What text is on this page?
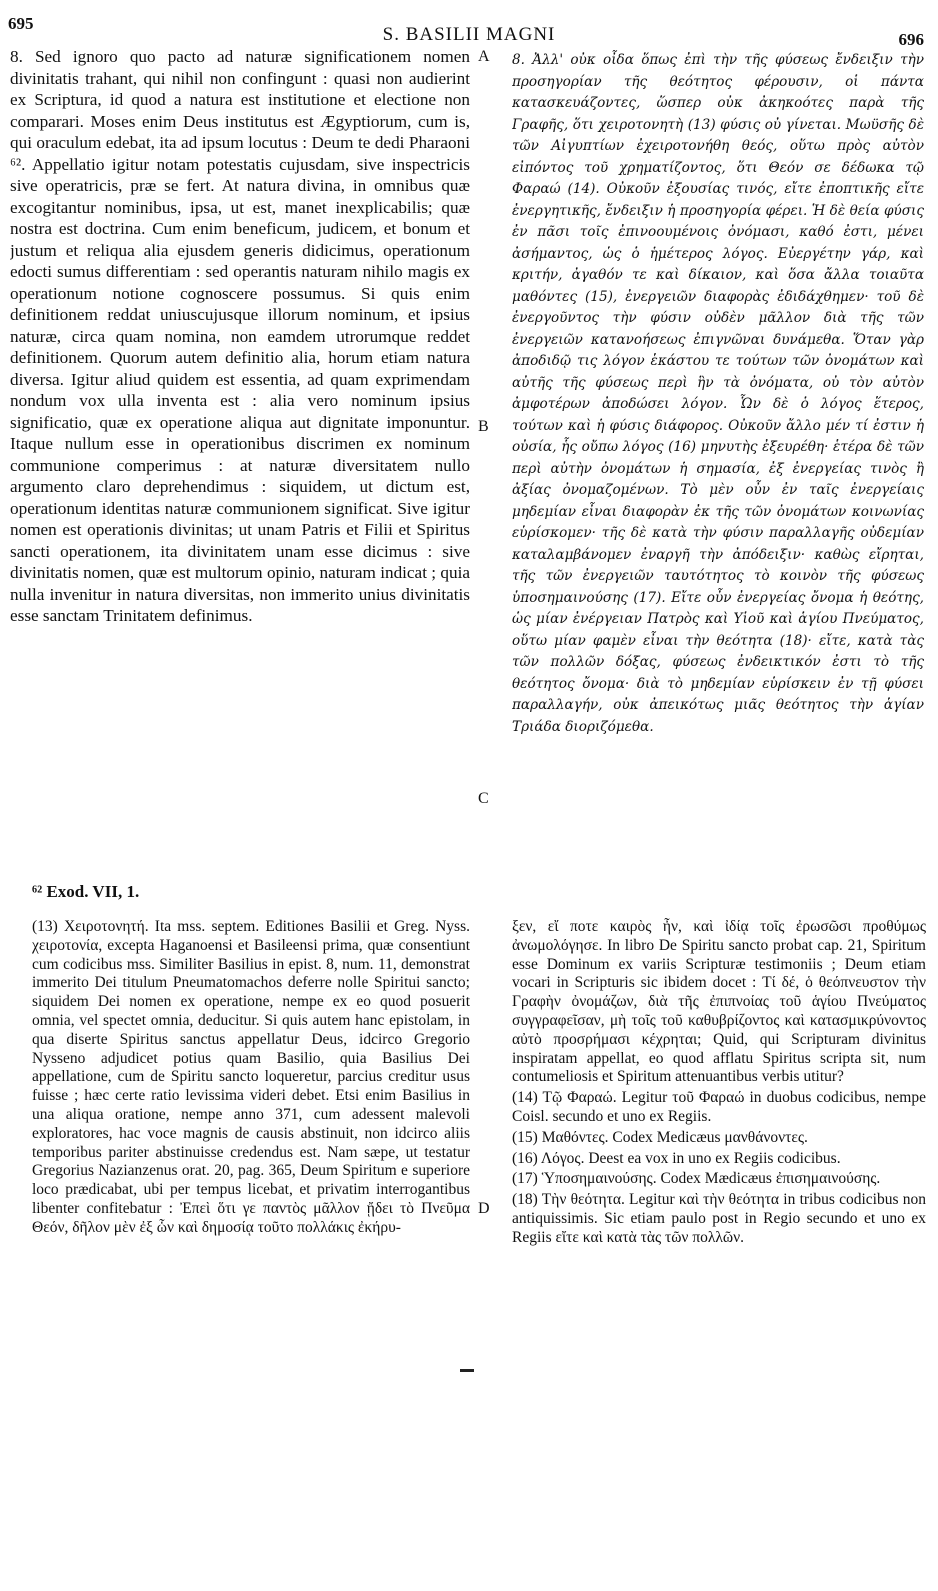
695
S. BASILII MAGNI	696

8. Sed ignoro quo pacto ad naturæ significationem nomen divinitatis trahant, qui nihil non confingunt : quasi non audierint ex Scriptura, id quod a natura est institutione et electione non comparari. Moses enim Deus institutus est Ægyptiorum, cum is, qui oraculum edebat, ita ad ipsum locutus : Deum te dedi Pharaoni ⁶². Appellatio igitur notam potestatis cujusdam, sive inspectricis sive operatricis, præ se fert. At natura divina, in omnibus quæ excogitantur nominibus, ipsa, ut est, manet inexplicabilis; quæ nostra est doctrina. Cum enim beneficum, judicem, et bonum et justum et reliqua alia ejusdem generis didicimus, operationum edocti sumus differentiam : sed operantis naturam nihilo magis ex operationum notione cognoscere possumus. Si quis enim definitionem reddat uniuscujusque illorum nominum, et ipsius naturæ, circa quam nomina, non eamdem utrorumque reddet definitionem. Quorum autem definitio alia, horum etiam natura diversa. Igitur aliud quidem est essentia, ad quam exprimendam nondum vox ulla inventa est : alia vero nominum ipsius significatio, quæ ex operatione aliqua aut dignitate imponuntur. Itaque nullum esse in operationibus discrimen ex nominum communione comperimus : at naturæ diversitatem nullo argumento claro deprehendimus : siquidem, ut dictum est, operationum identitas naturæ communionem significat. Sive igitur nomen est operationis divinitas; ut unam Patris et Filii et Spiritus sancti operationem, ita divinitatem unam esse dicimus : sive divinitatis nomen, quæ est multorum opinio, naturam indicat ; quia nulla invenitur in natura diversitas, non immerito unius divinitatis esse sanctam Trinitatem definimus.

A
B
C
D

8. Ἀλλ' οὐκ οἶδα ὅπως ἐπὶ τὴν τῆς φύσεως ἔνδειξιν τὴν προσηγορίαν τῆς θεότητος φέρουσιν, οἱ πάντα κατασκευάζοντες, ὥσπερ οὐκ ἀκηκοότες παρὰ τῆς Γραφῆς, ὅτι χειροτονητὴ (13) φύσις οὐ γίνεται. Μωϋσῆς δὲ τῶν Αἰγυπτίων ἐχειροτονήθη θεός, οὕτω πρὸς αὐτὸν εἰπόντος τοῦ χρηματίζοντος, ὅτι Θεόν σε δέδωκα τῷ Φαραώ (14). Οὐκοῦν ἐξουσίας τινός, εἴτε ἐποπτικῆς εἴτε ἐνεργητικῆς, ἔνδειξιν ἡ προσηγορία φέρει. Ἡ δὲ θεία φύσις ἐν πᾶσι τοῖς ἐπινοουμένοις ὀνόμασι, καθό ἐστι, μένει ἀσήμαντος, ὡς ὁ ἡμέτερος λόγος. Εὐεργέτην γάρ, καὶ κριτήν, ἀγαθόν τε καὶ δίκαιον, καὶ ὅσα ἄλλα τοιαῦτα μαθόντες (15), ἐνεργειῶν διαφορὰς ἐδιδάχθημεν· τοῦ δὲ ἐνεργοῦντος τὴν φύσιν οὐδὲν μᾶλλον διὰ τῆς τῶν ἐνεργειῶν κατανοήσεως ἐπιγνῶναι δυνάμεθα. Ὅταν γὰρ ἀποδιδῷ τις λόγον ἑκάστου τε τούτων τῶν ὀνομάτων καὶ αὐτῆς τῆς φύσεως περὶ ἣν τὰ ὀνόματα, οὐ τὸν αὐτὸν ἀμφοτέρων ἀποδώσει λόγον. Ὧν δὲ ὁ λόγος ἕτερος, τούτων καὶ ἡ φύσις διάφορος. Οὐκοῦν ἄλλο μέν τί ἐστιν ἡ οὐσία, ἧς οὔπω λόγος (16) μηνυτὴς ἐξευρέθη· ἑτέρα δὲ τῶν περὶ αὐτὴν ὀνομάτων ἡ σημασία, ἐξ ἐνεργείας τινὸς ἢ ἀξίας ὀνομαζομένων. Τὸ μὲν οὖν ἐν ταῖς ἐνεργείαις μηδεμίαν εἶναι διαφορὰν ἐκ τῆς τῶν ὀνομάτων κοινωνίας εὑρίσκομεν· τῆς δὲ κατὰ τὴν φύσιν παραλλαγῆς οὐδεμίαν καταλαμβάνομεν ἐναργῆ τὴν ἀπόδειξιν· καθὼς εἴρηται, τῆς τῶν ἐνεργειῶν ταυτότητος τὸ κοινὸν τῆς φύσεως ὑποσημαινούσης (17). Εἴτε οὖν ἐνεργείας ὄνομα ἡ θεότης, ὡς μίαν ἐνέργειαν Πατρὸς καὶ Υἱοῦ καὶ ἁγίου Πνεύματος, οὕτω μίαν φαμὲν εἶναι τὴν θεότητα (18)· εἴτε, κατὰ τὰς τῶν πολλῶν δόξας, φύσεως ἐνδεικτικόν ἐστι τὸ τῆς θεότητος ὄνομα· διὰ τὸ μηδεμίαν εὑρίσκειν ἐν τῇ φύσει παραλλαγήν, οὐκ ἀπεικότως μιᾶς θεότητος τὴν ἁγίαν Τριάδα διοριζόμεθα.

⁶² Exod. VII, 1.

(13) Χειροτονητή. Ita mss. septem. Editiones Basilii et Greg. Nyss. χειροτονία, excepta Haganoensi et Basileensi prima, quæ consentiunt cum codicibus mss. Similiter Basilius in epist. 8, num. 11, demonstrat immerito Dei titulum Pneumatomachos deferre nolle Spiritui sancto; siquidem Dei nomen ex operatione, nempe ex eo quod posuerit omnia, vel spectet omnia, deducitur. Si quis autem hanc epistolam, in qua diserte Spiritus sanctus appellatur Deus, idcirco Gregorio Nysseno adjudicet potius quam Basilio, quia Basilius Dei appellatione, cum de Spiritu sancto loqueretur, parcius creditur usus fuisse ; hæc certe ratio levissima videri debet. Etsi enim Basilius in una aliqua oratione, nempe anno 371, cum adessent malevoli exploratores, hac voce magnis de causis abstinuit, non idcirco aliis temporibus pariter abstinuisse credendus est. Nam sæpe, ut testatur Gregorius Nazianzenus orat. 20, pag. 365, Deum Spiritum e superiore loco prædicabat, ubi per tempus licebat, et privatim interrogantibus libenter confitebatur : Ἐπεὶ ὅτι γε παντὸς μᾶλλον ᾔδει τὸ Πνεῦμα Θεόν, δῆλον μὲν ἐξ ὧν καὶ δημοσίᾳ τοῦτο πολλάκις ἐκήρυ-

ξεν, εἴ ποτε καιρὸς ἦν, καὶ ἰδίᾳ τοῖς ἐρωσῶσι προθύμως ἀνωμολόγησε. In libro De Spiritu sancto probat cap. 21, Spiritum esse Dominum ex variis Scripturæ testimoniis ; Deum etiam vocari in Scripturis sic ibidem docet : Τί δέ, ὁ θεόπνευστον τὴν Γραφὴν ὀνομάζων, διὰ τῆς ἐπιπνοίας τοῦ ἁγίου Πνεύματος συγγραφεῖσαν, μὴ τοῖς τοῦ καθυβρίζοντος καὶ κατασμικρύνοντος αὐτὸ προσρήμασι κέχρηται; Quid, qui Scripturam divinitus inspiratam appellat, eo quod afflatu Spiritus scripta sit, num contumeliosis et Spiritum attenuantibus verbis utitur?

(14) Τῷ Φαραώ. Legitur τοῦ Φαραώ in duobus codicibus, nempe Coisl. secundo et uno ex Regiis.

(15) Μαθόντες. Codex Medicæus μανθάνοντες.

(16) Λόγος. Deest ea vox in uno ex Regiis codicibus.

(17) Ὑποσημαινούσης. Codex Mædicæus ἐπισημαινούσης.

(18) Τὴν θεότητα. Legitur καὶ τὴν θεότητα in tribus codicibus non antiquissimis. Sic etiam paulo post in Regio secundo et uno ex Regiis εἴτε καὶ κατὰ τὰς τῶν πολλῶν.
